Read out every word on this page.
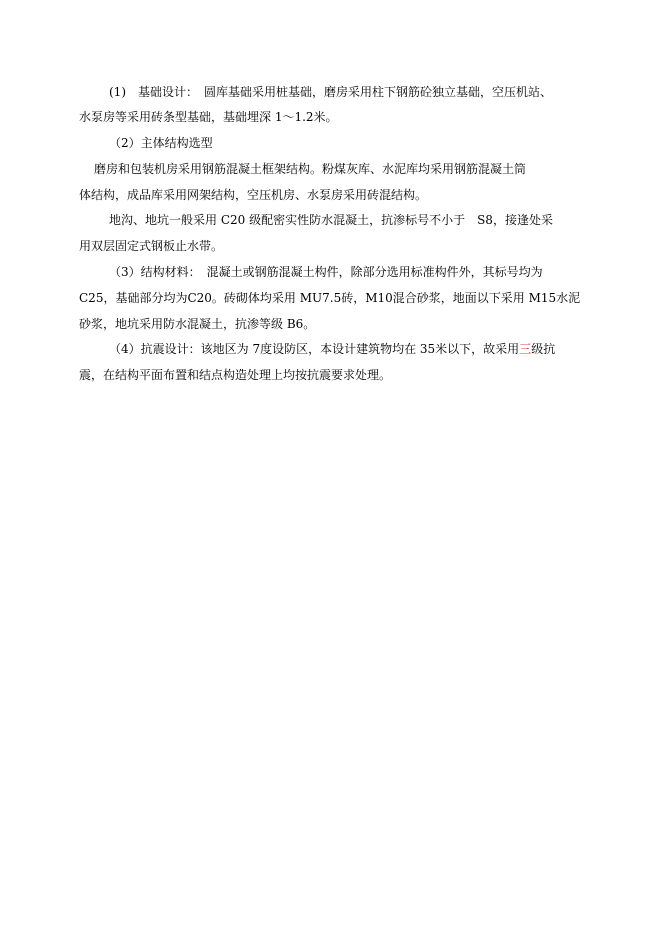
(1)　基础设计：　圆库基础采用桩基础，磨房采用柱下钢筋砼独立基础，空压机站、
水泵房等采用砖条型基础，基础埋深 1～1.2米。
（2）主体结构选型
磨房和包装机房采用钢筋混凝土框架结构。粉煤灰库、水泥库均采用钢筋混凝土筒
体结构，成品库采用网架结构，空压机房、水泵房采用砖混结构。
地沟、地坑一般采用 C20 级配密实性防水混凝土，抗渗标号不小于　S8，接逢处采
用双层固定式钢板止水带。
（3）结构材料：　混凝土或钢筋混凝土构件，除部分选用标准构件外，其标号均为
C25，基础部分均为C20。砖砌体均采用 MU7.5砖，M10混合砂浆，地面以下采用 M15水泥
砂浆，地坑采用防水混凝土，抗渗等级 B6。
（4）抗震设计：该地区为 7度设防区，本设计建筑物均在 35米以下，故采用三级抗
震，在结构平面布置和结点构造处理上均按抗震要求处理。
